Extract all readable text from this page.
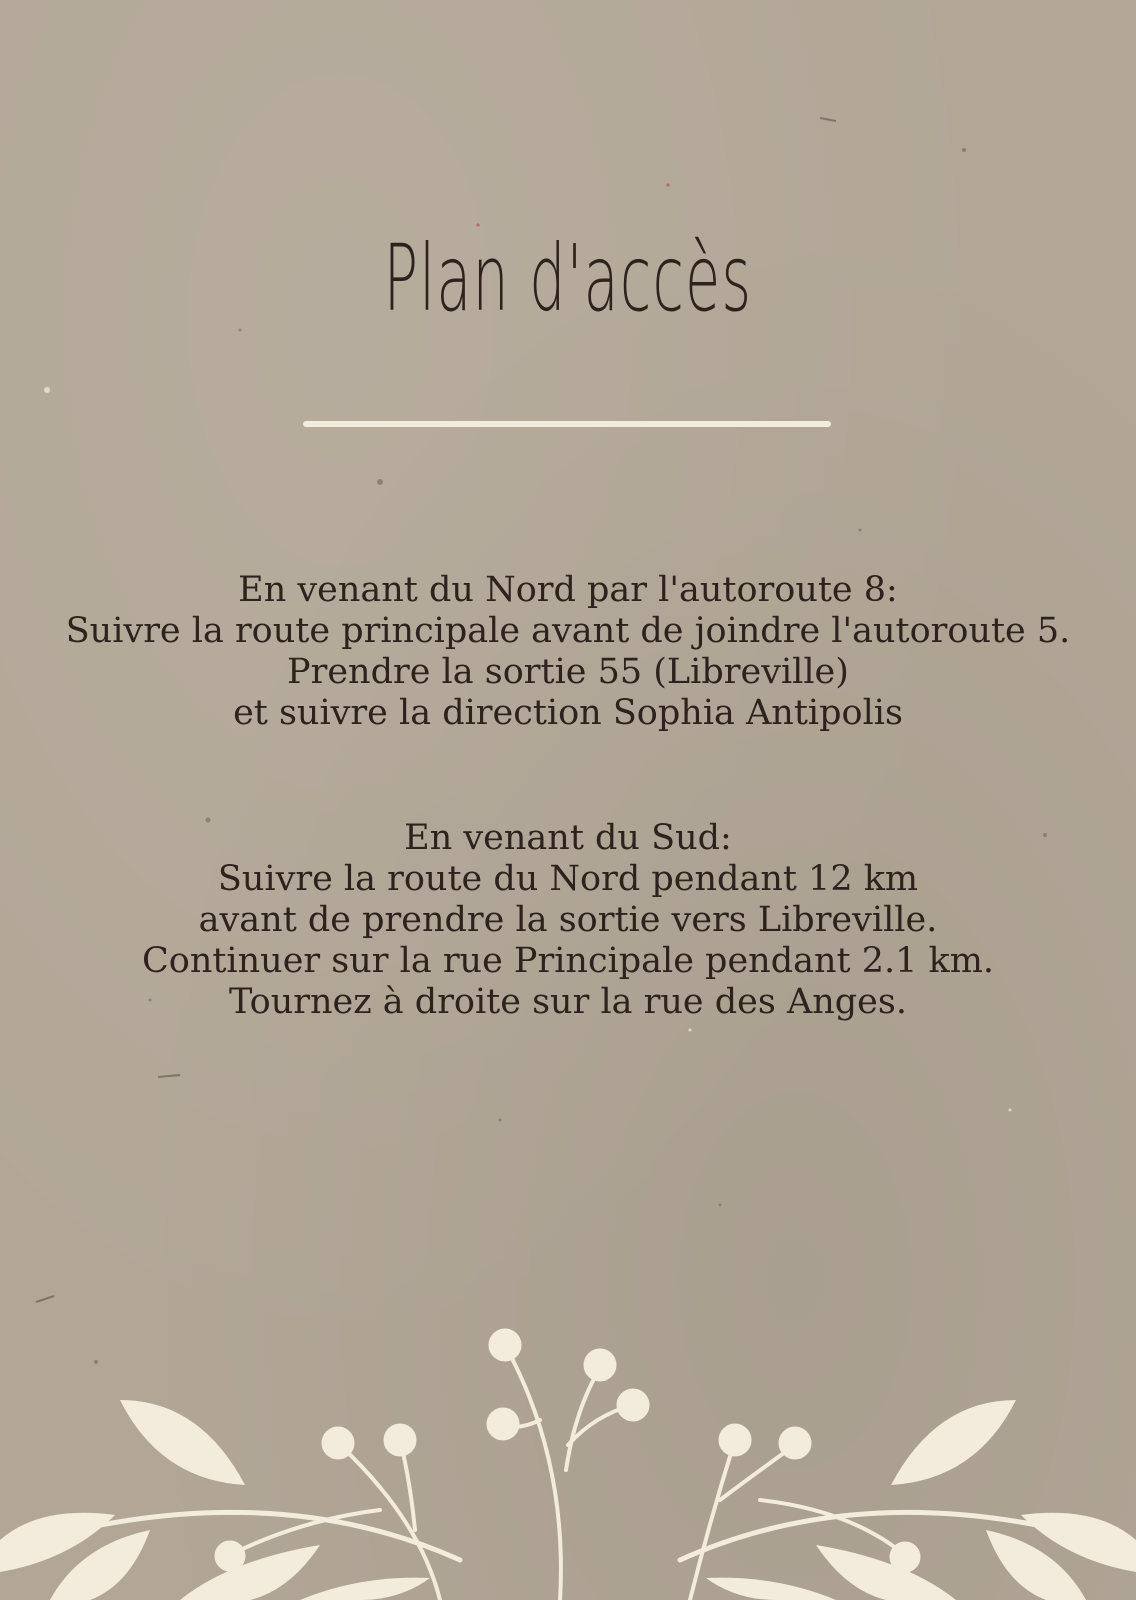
Plan d'accès

En venant du Nord par l'autoroute 8:

Suivre la route principale avant de joindre l'autoroute 5.

Prendre la sortie 55 (Libreville)

et suivre la direction Sophia Antipolis

En venant du Sud:

Suivre la route du Nord pendant 12 km

avant de prendre la sortie vers Libreville.

Continuer sur la rue Principale pendant 2.1 km.

Tournez à droite sur la rue des Anges.
